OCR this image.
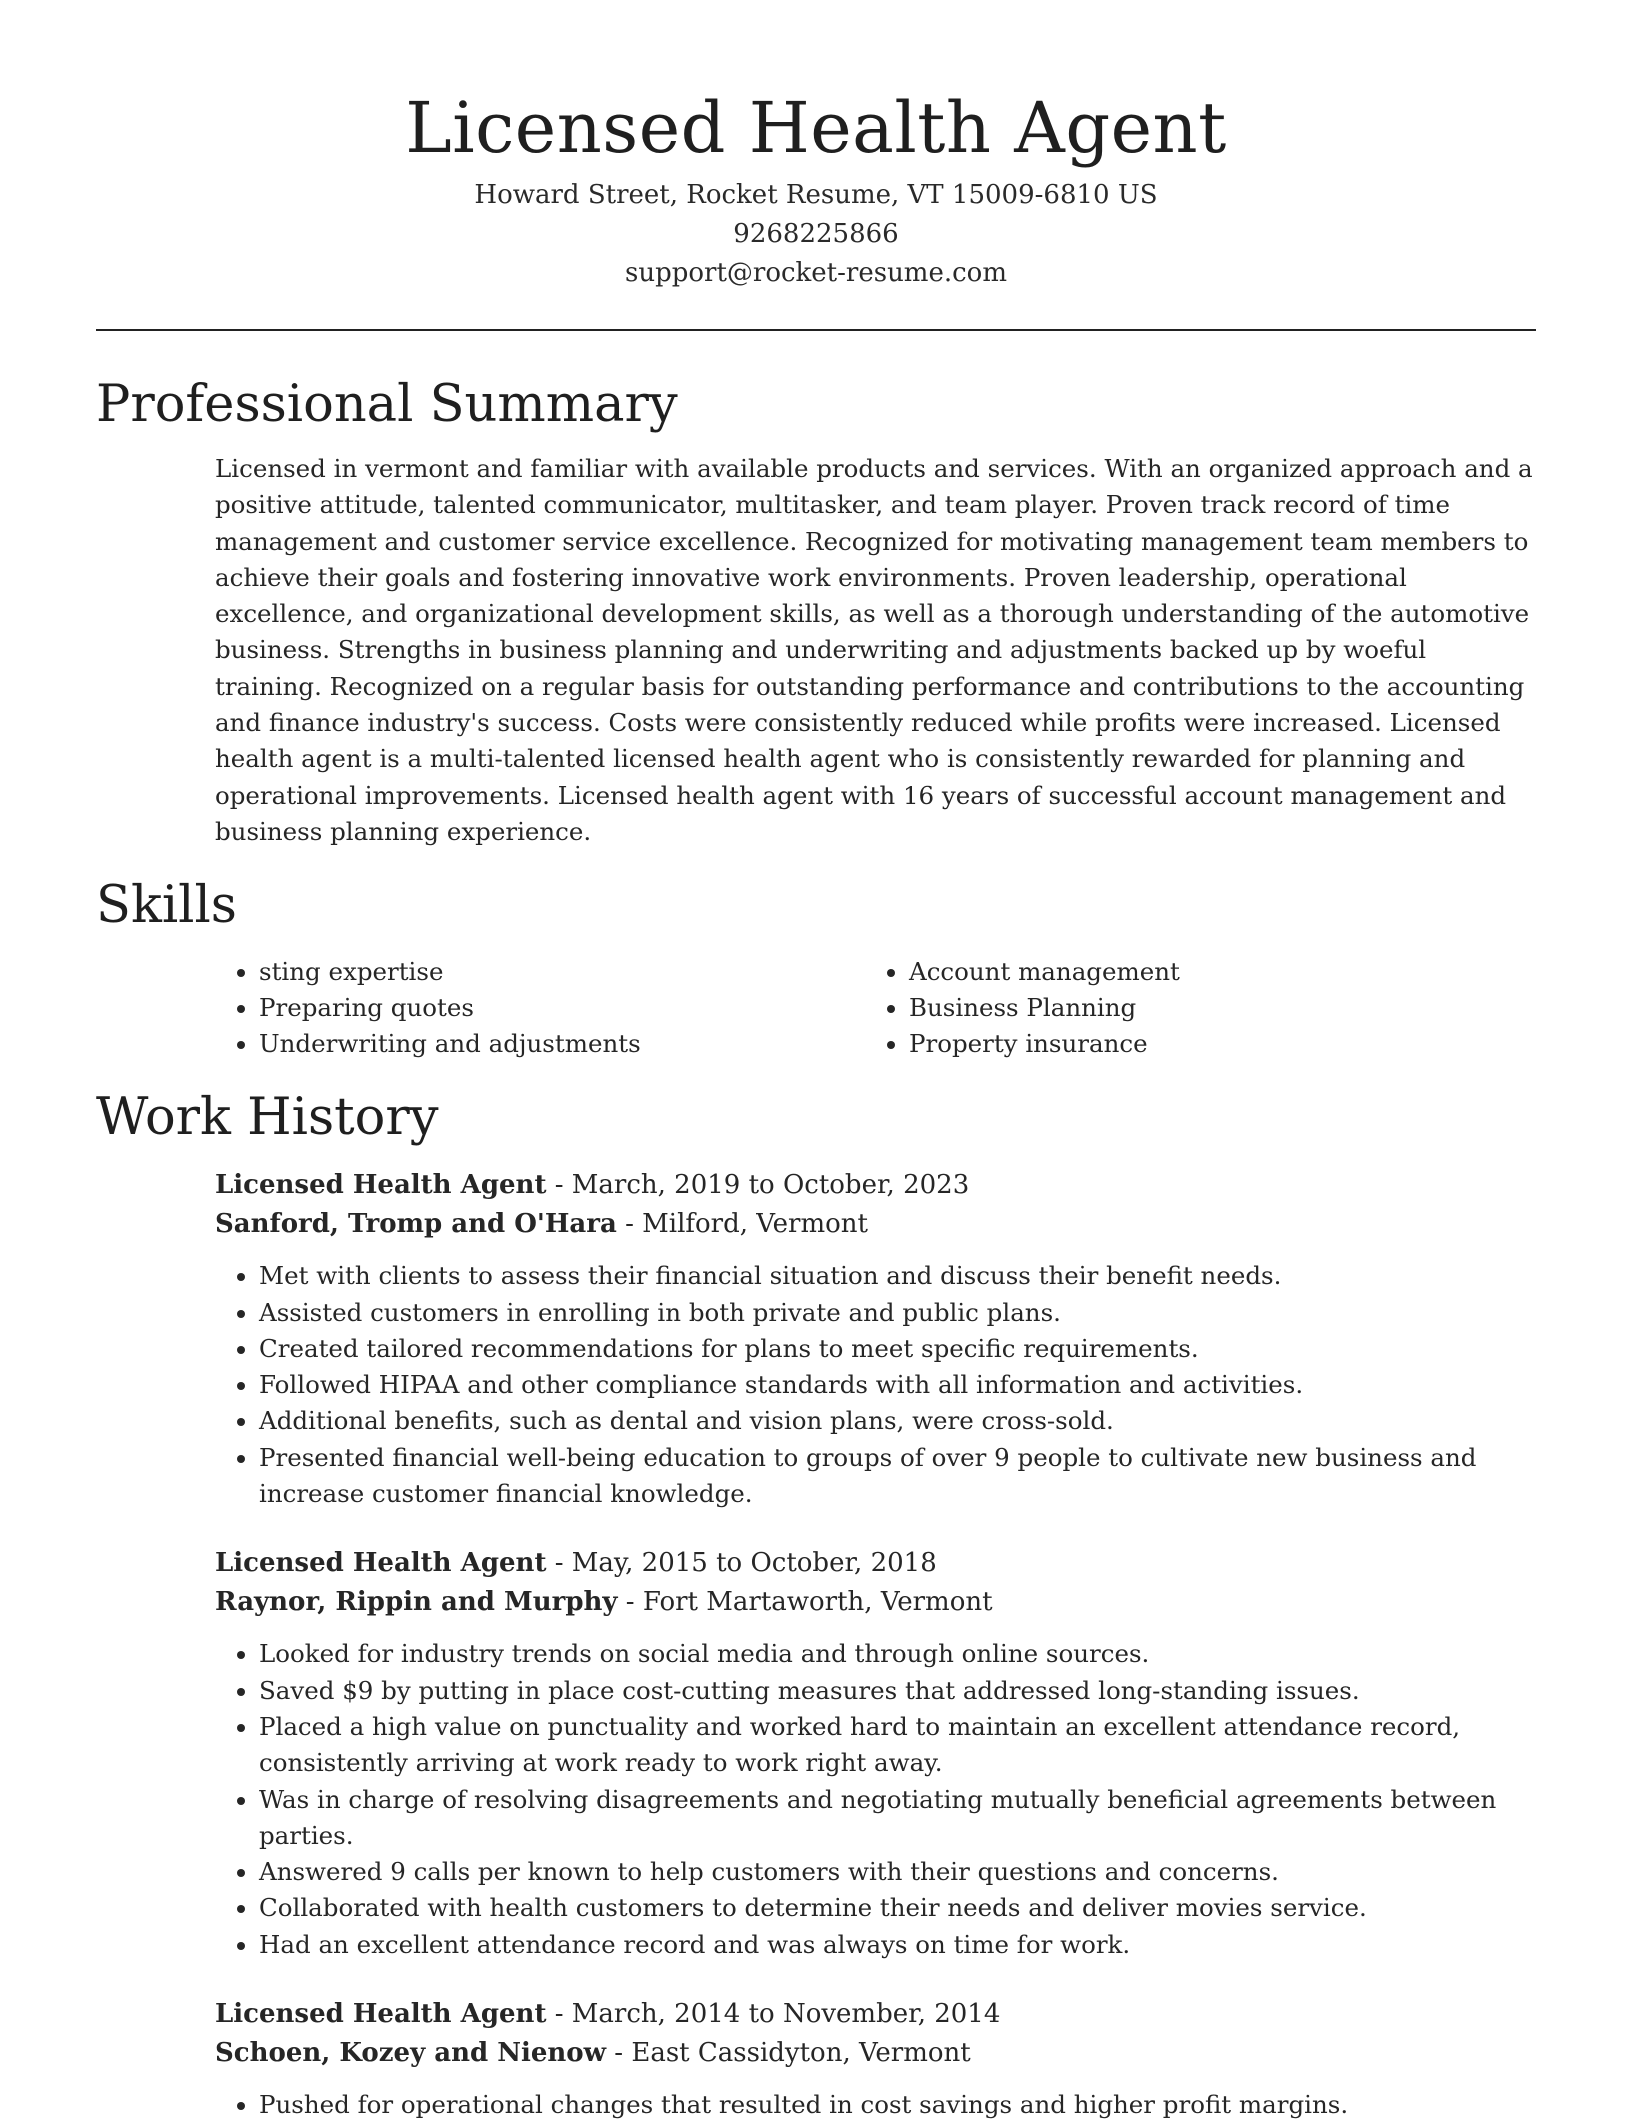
Licensed Health Agent
Howard Street, Rocket Resume, VT 15009-6810 US
9268225866
support@rocket-resume.com
Professional Summary

Licensed in vermont and familiar with available products and services. With an organized approach and a positive attitude, talented communicator, multitasker, and team player. Proven track record of time management and customer service excellence. Recognized for motivating management team members to achieve their goals and fostering innovative work environments. Proven leadership, operational excellence, and organizational development skills, as well as a thorough understanding of the automotive business. Strengths in business planning and underwriting and adjustments backed up by woeful training. Recognized on a regular basis for outstanding performance and contributions to the accounting and finance industry's success. Costs were consistently reduced while profits were increased. Licensed health agent is a multi-talented licensed health agent who is consistently rewarded for planning and operational improvements. Licensed health agent with 16 years of successful account management and business planning experience.

Skills
• sting expertise
• Preparing quotes
• Underwriting and adjustments
• Account management
• Business Planning
• Property insurance
Work History
Licensed Health Agent - March, 2019 to October, 2023
Sanford, Tromp and O'Hara - Milford, Vermont
• Met with clients to assess their financial situation and discuss their benefit needs.
• Assisted customers in enrolling in both private and public plans.
• Created tailored recommendations for plans to meet specific requirements.
• Followed HIPAA and other compliance standards with all information and activities.
• Additional benefits, such as dental and vision plans, were cross-sold.
• Presented financial well-being education to groups of over 9 people to cultivate new business and increase customer financial knowledge.
Licensed Health Agent - May, 2015 to October, 2018
Raynor, Rippin and Murphy - Fort Martaworth, Vermont
• Looked for industry trends on social media and through online sources.
• Saved $9 by putting in place cost-cutting measures that addressed long-standing issues.
• Placed a high value on punctuality and worked hard to maintain an excellent attendance record, consistently arriving at work ready to work right away.
• Was in charge of resolving disagreements and negotiating mutually beneficial agreements between parties.
• Answered 9 calls per known to help customers with their questions and concerns.
• Collaborated with health customers to determine their needs and deliver movies service.
• Had an excellent attendance record and was always on time for work.
Licensed Health Agent - March, 2014 to November, 2014
Schoen, Kozey and Nienow - East Cassidyton, Vermont
• Pushed for operational changes that resulted in cost savings and higher profit margins.
